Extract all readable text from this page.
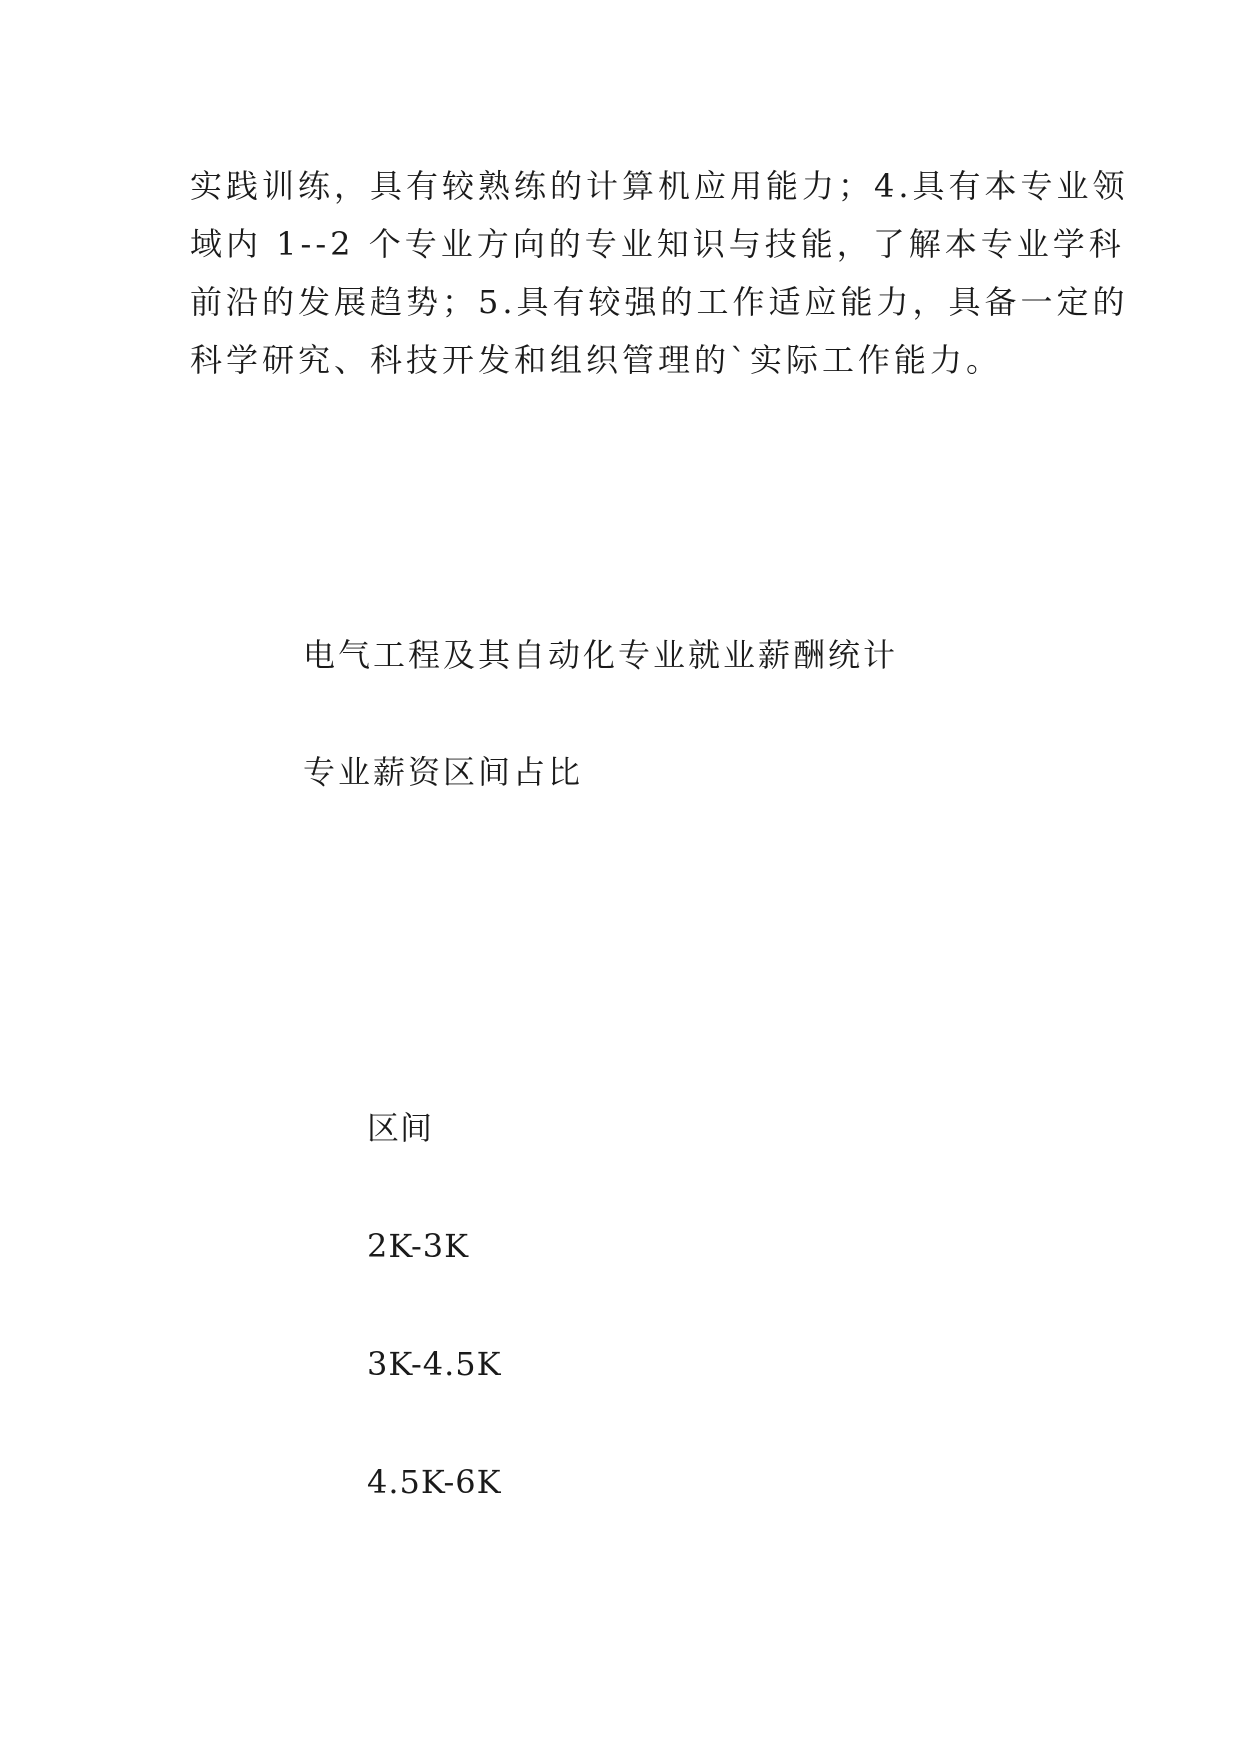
实践训练，具有较熟练的计算机应用能力；4.具有本专业领
域内 1--2 个专业方向的专业知识与技能，了解本专业学科
前沿的发展趋势；5.具有较强的工作适应能力，具备一定的
科学研究、科技开发和组织管理的`实际工作能力。
电气工程及其自动化专业就业薪酬统计
专业薪资区间占比
区间
2K-3K
3K-4.5K
4.5K-6K
